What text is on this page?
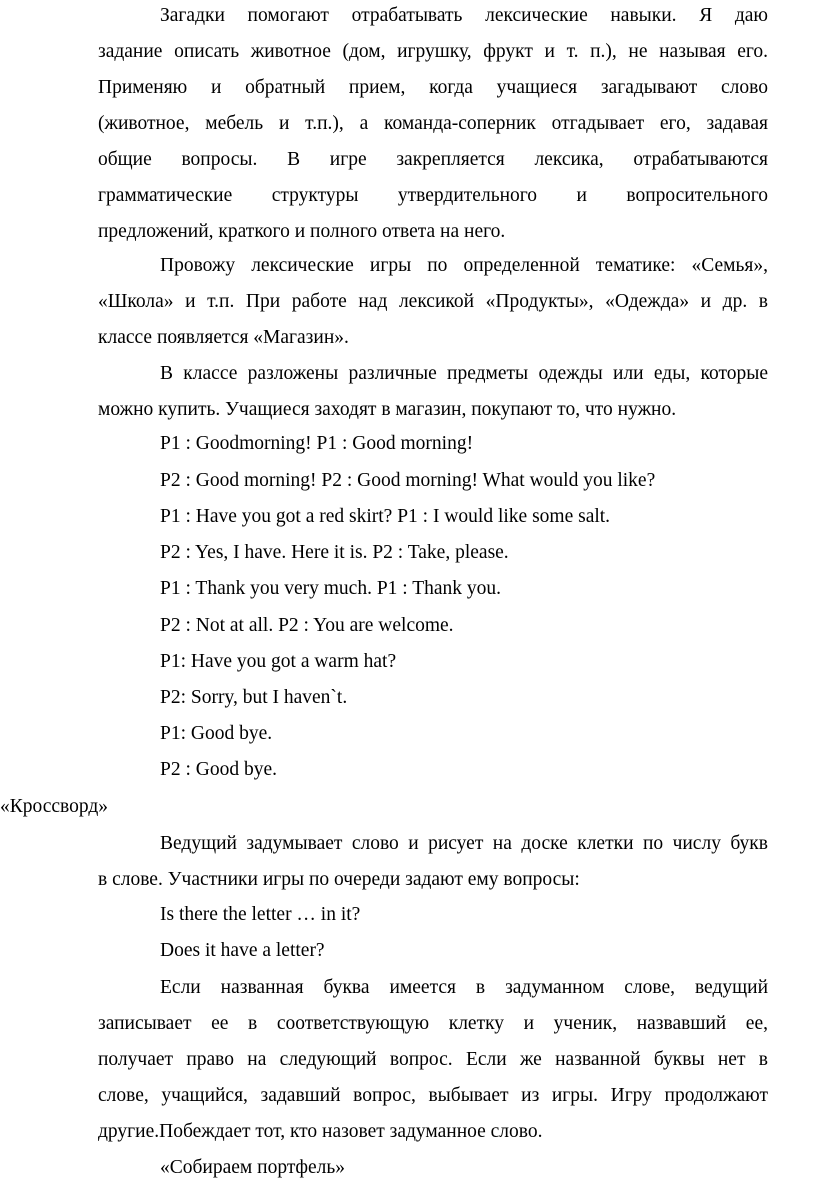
Загадки помогают отрабатывать лексические навыки. Я даю
задание описать животное (дом, игрушку, фрукт и т. п.), не называя его.
Применяю и обратный прием, когда учащиеся загадывают слово
(животное, мебель и т.п.), а команда-соперник отгадывает его, задавая
общие вопросы. В игре закрепляется лексика, отрабатываются
грамматические структуры утвердительного и вопросительного
предложений, краткого и полного ответа на него.
Провожу лексические игры по определенной тематике: «Семья»,
«Школа» и т.п. При работе над лексикой «Продукты», «Одежда» и др. в
классе появляется «Магазин».
В классе разложены различные предметы одежды или еды, которые
можно купить. Учащиеся заходят в магазин, покупают то, что нужно.

P1 : Goodmorning! P1 : Good morning!

P2 : Good morning! P2 : Good morning! What would you like?

P1 : Have you got a red skirt? P1 : I would like some salt.

P2 : Yes, I have. Here it is. P2 : Take, please.

P1 : Thank you very much. P1 : Thank you.

P2 : Not at all. P2 : You are welcome.

P1: Have you got a warm hat?

P2: Sorry, but I haven`t.

P1: Good bye.

P2 : Good bye.

«Кроссворд»

Ведущий задумывает слово и рисует на доске клетки по числу букв
в слове. Участники игры по очереди задают ему вопросы:

Is there the letter … in it?

Does it have a letter?

Если названная буква имеется в задуманном слове, ведущий
записывает ее в соответствующую клетку и ученик, назвавший ее,
получает право на следующий вопрос. Если же названной буквы нет в
слове, учащийся, задавший вопрос, выбывает из игры. Игру продолжают
другие.Побеждает тот, кто назовет задуманное слово.

«Собираем портфель»
